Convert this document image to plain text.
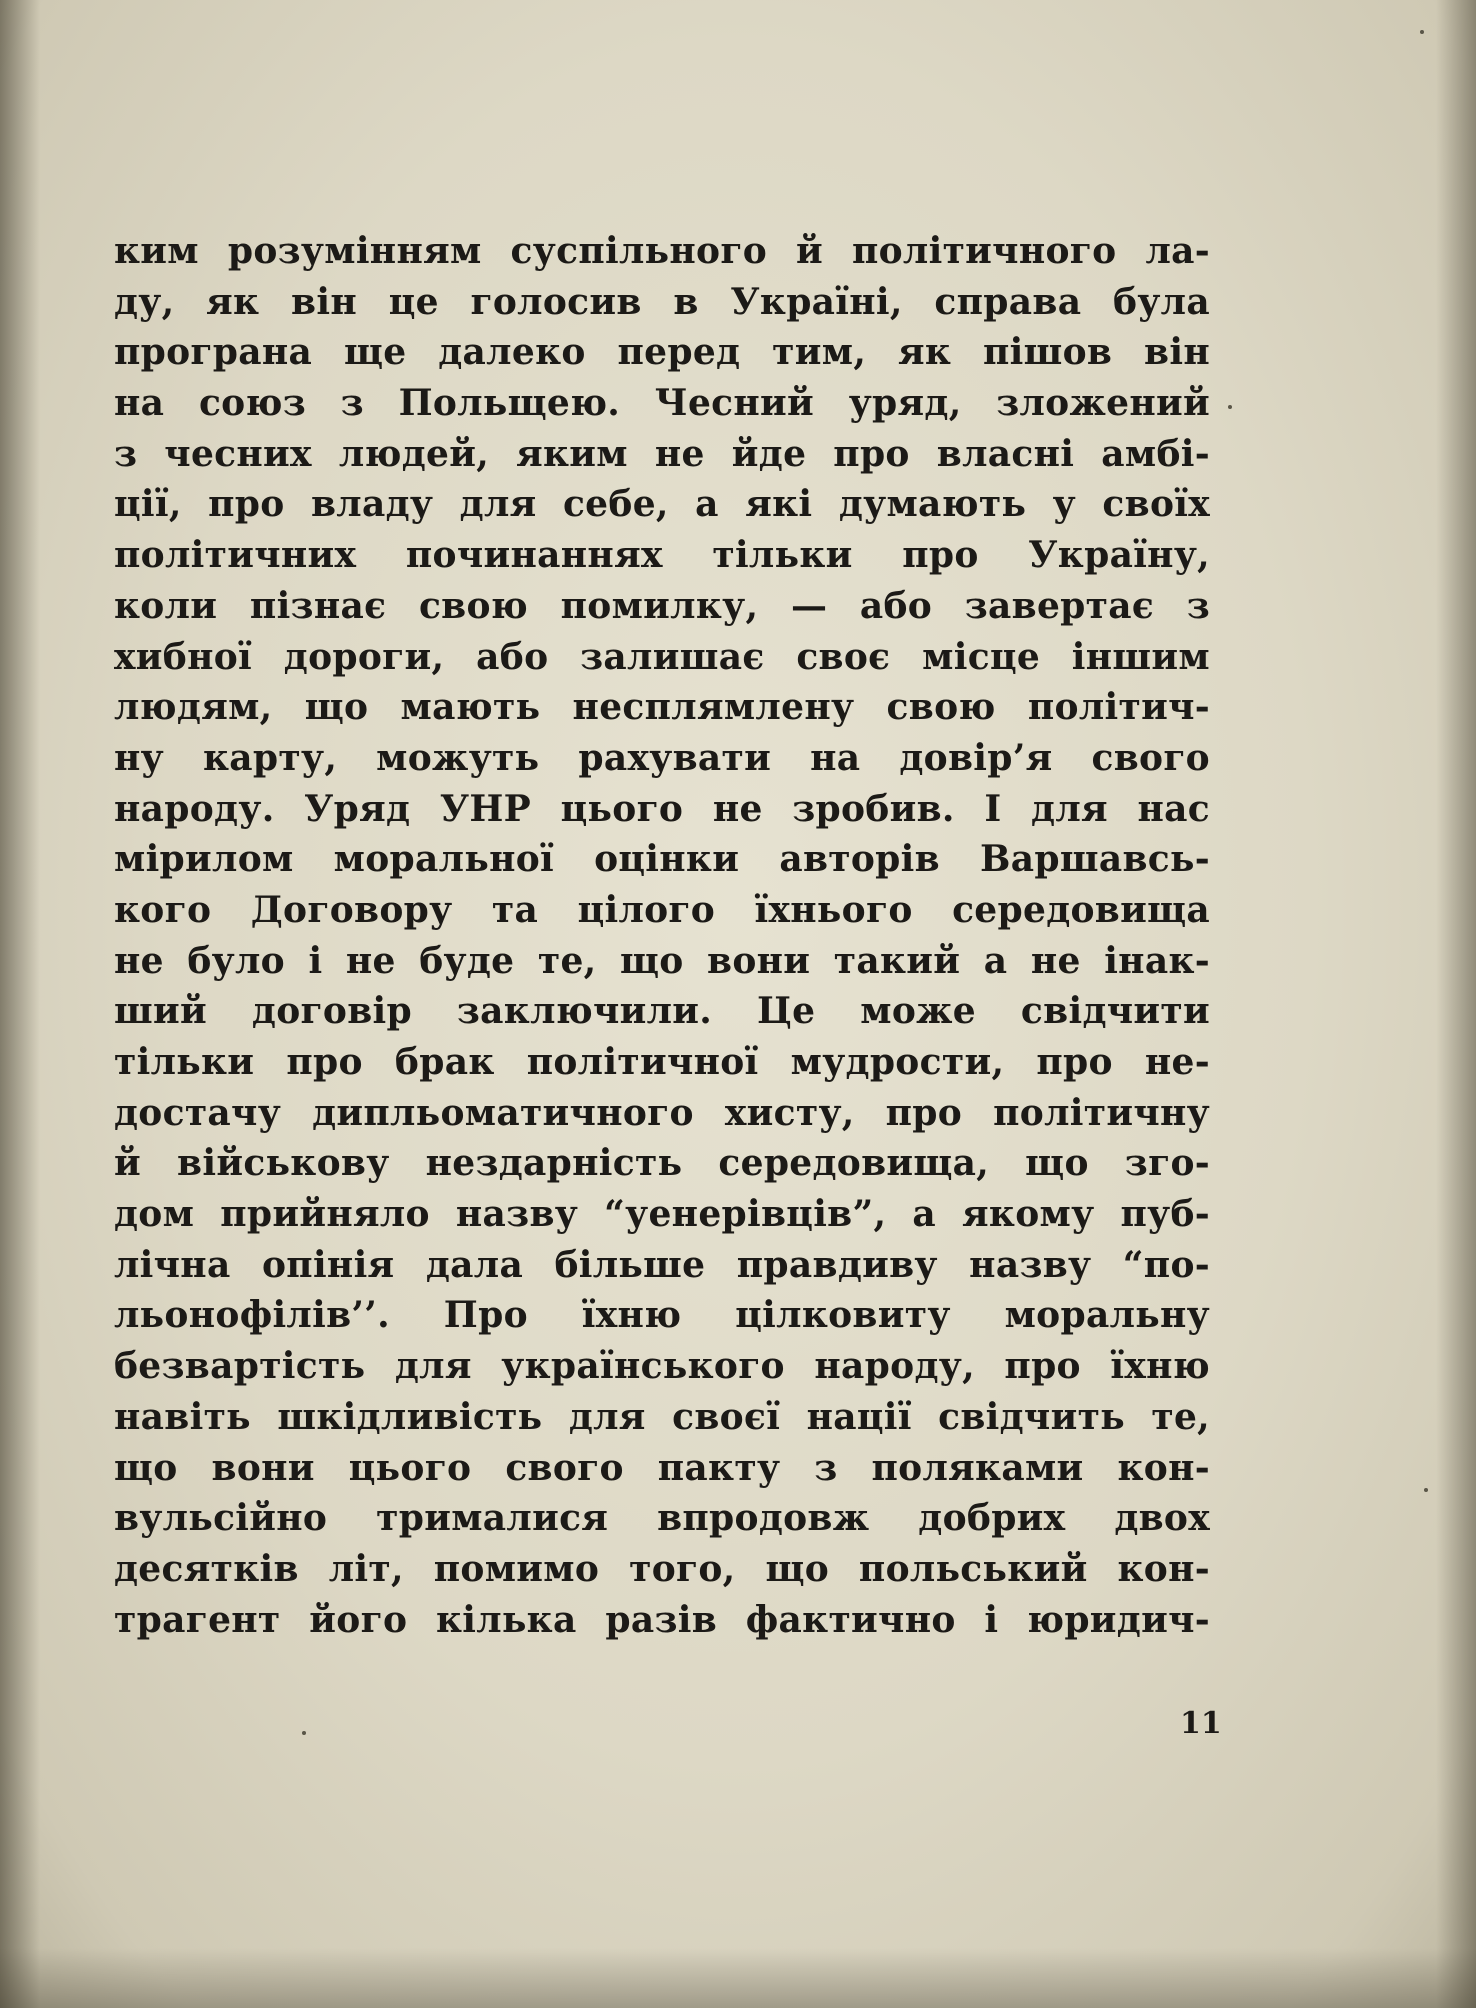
ким розумінням суспільного й політичного ла-
ду, як він це голосив в Україні, справа була
програна ще далеко перед тим, як пішов він
на союз з Польщею. Чесний уряд, зложений
з чесних людей, яким не йде про власні амбі-
ції, про владу для себе, а які думають у своїх
політичних починаннях тільки про Україну,
коли пізнає свою помилку, — або завертає з
хибної дороги, або залишає своє місце іншим
людям, що мають несплямлену свою політич-
ну карту, можуть рахувати на довір’я свого
народу. Уряд УНР цього не зробив. І для нас
мірилом моральної оцінки авторів Варшавсь-
кого Договору та цілого їхнього середовища
не було і не буде те, що вони такий а не інак-
ший договір заключили. Це може свідчити
тільки про брак політичної мудрости, про не-
достачу дипльоматичного хисту, про політичну
й військову нездарність середовища, що зго-
дом прийняло назву “уенерівців”, а якому пуб-
лічна опінія дала більше правдиву назву “по-
льонофілів’’. Про їхню цілковиту моральну
безвартість для українського народу, про їхню
навіть шкідливість для своєї нації свідчить те,
що вони цього свого пакту з поляками кон-
вульсійно трималися впродовж добрих двох
десятків літ, помимо того, що польський кон-
трагент його кілька разів фактично і юридич-
11
